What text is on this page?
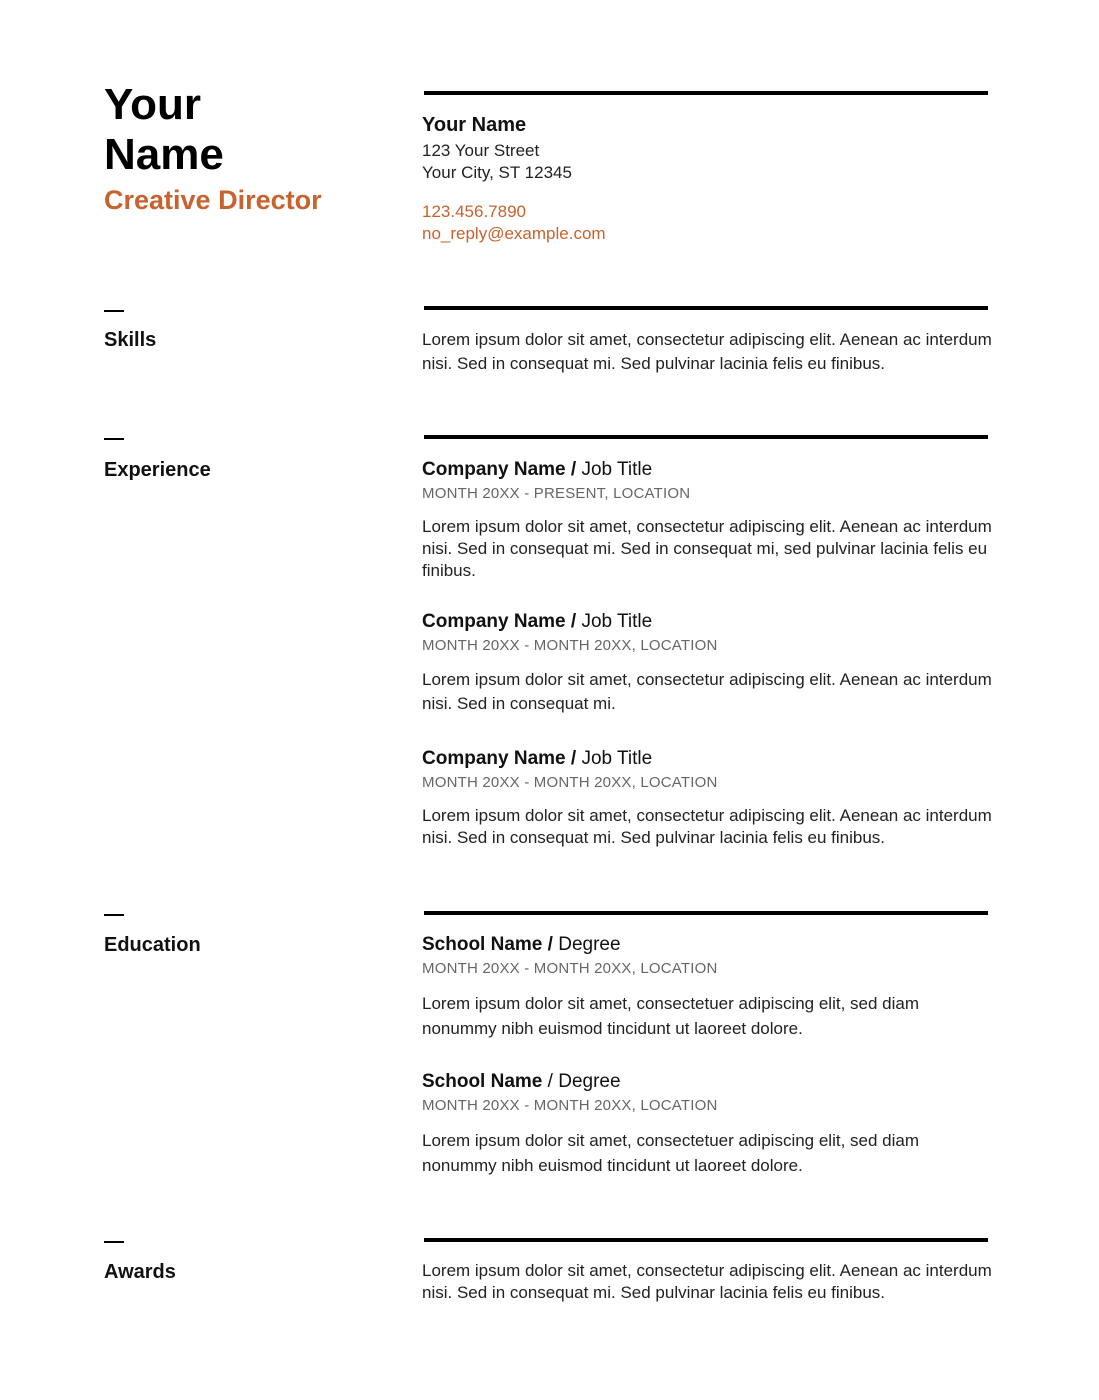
Your
Name
Creative Director
Your Name
123 Your Street
Your City, ST 12345
123.456.7890
no_reply@example.com
Skills	Lorem ipsum dolor sit amet, consectetur adipiscing elit. Aenean ac interdum nisi. Sed in consequat mi. Sed pulvinar lacinia felis eu finibus.

Experience	Company Name / Job Title
MONTH 20XX - PRESENT, LOCATION

Lorem ipsum dolor sit amet, consectetur adipiscing elit. Aenean ac interdum nisi. Sed in consequat mi. Sed in consequat mi, sed pulvinar lacinia felis eu finibus.

Company Name / Job Title
MONTH 20XX - MONTH 20XX, LOCATION

Lorem ipsum dolor sit amet, consectetur adipiscing elit. Aenean ac interdum nisi. Sed in consequat mi.

Company Name / Job Title
MONTH 20XX - MONTH 20XX, LOCATION

Lorem ipsum dolor sit amet, consectetur adipiscing elit. Aenean ac interdum nisi. Sed in consequat mi. Sed pulvinar lacinia felis eu finibus.

Education	School Name / Degree
MONTH 20XX - MONTH 20XX, LOCATION

Lorem ipsum dolor sit amet, consectetuer adipiscing elit, sed diam nonummy nibh euismod tincidunt ut laoreet dolore.

School Name / Degree
MONTH 20XX - MONTH 20XX, LOCATION

Lorem ipsum dolor sit amet, consectetuer adipiscing elit, sed diam nonummy nibh euismod tincidunt ut laoreet dolore.

Awards	Lorem ipsum dolor sit amet, consectetur adipiscing elit. Aenean ac interdum nisi. Sed in consequat mi. Sed pulvinar lacinia felis eu finibus.
